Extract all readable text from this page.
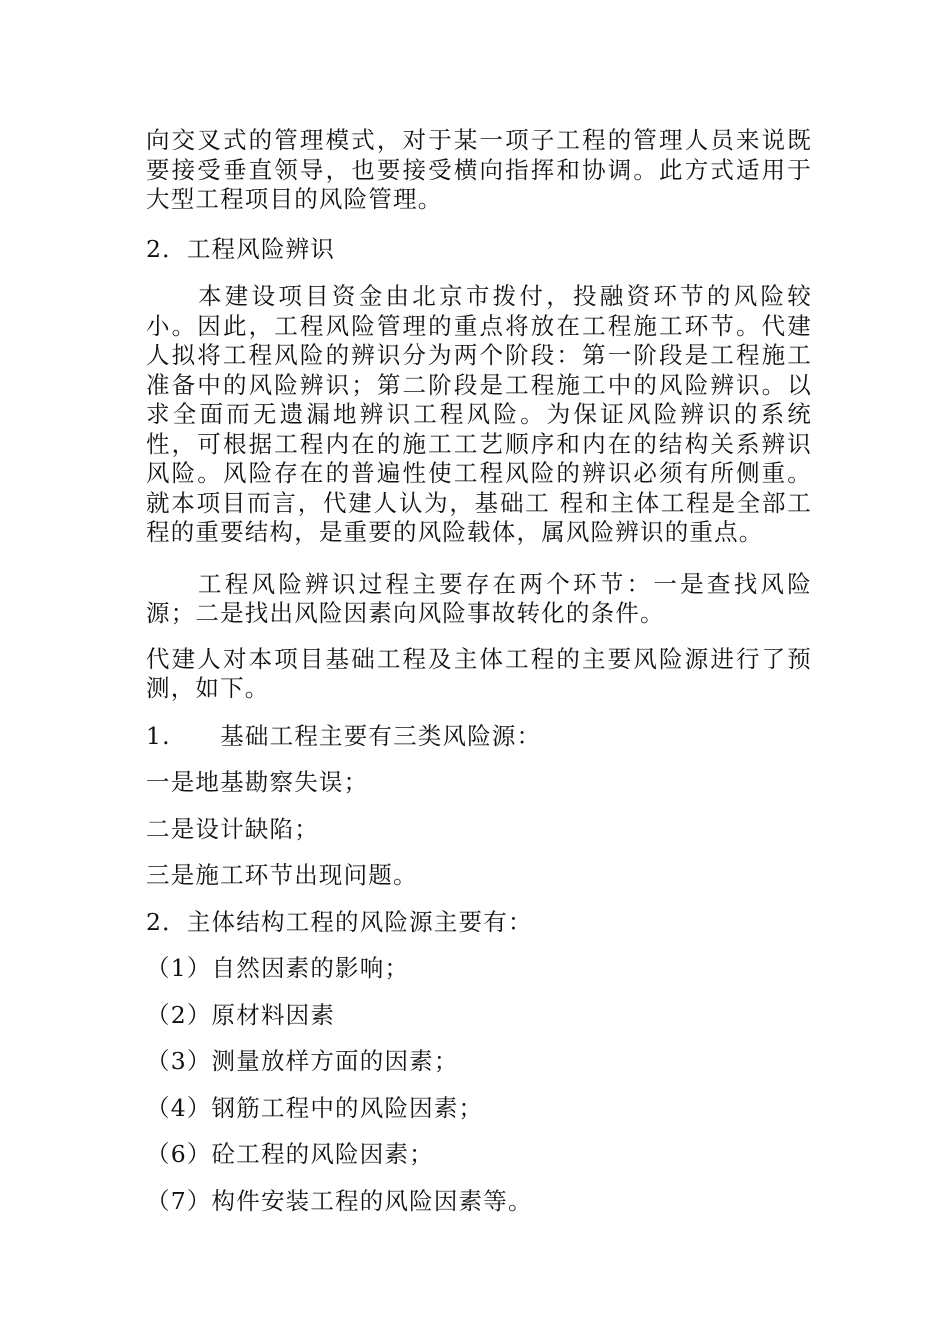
向交叉式的管理模式，对于某一项子工程的管理人员来说既要接受垂直领导，也要接受横向指挥和协调。此方式适用于大型工程项目的风险管理。

2．工程风险辨识

本建设项目资金由北京市拨付，投融资环节的风险较小。因此，工程风险管理的重点将放在工程施工环节。代建人拟将工程风险的辨识分为两个阶段：第一阶段是工程施工准备中的风险辨识；第二阶段是工程施工中的风险辨识。以求全面而无遗漏地辨识工程风险。为保证风险辨识的系统性，可根据工程内在的施工工艺顺序和内在的结构关系辨识风险。风险存在的普遍性使工程风险的辨识必须有所侧重。就本项目而言，代建人认为，基础工 程和主体工程是全部工程的重要结构，是重要的风险载体，属风险辨识的重点。

工程风险辨识过程主要存在两个环节：一是查找风险源；二是找出风险因素向风险事故转化的条件。

代建人对本项目基础工程及主体工程的主要风险源进行了预测，如下。

1.　　基础工程主要有三类风险源：

一是地基勘察失误；

二是设计缺陷；

三是施工环节出现问题。

2．主体结构工程的风险源主要有：

（1）自然因素的影响；

（2）原材料因素

（3）测量放样方面的因素；

（4）钢筋工程中的风险因素；

（6）砼工程的风险因素；

（7）构件安装工程的风险因素等。
